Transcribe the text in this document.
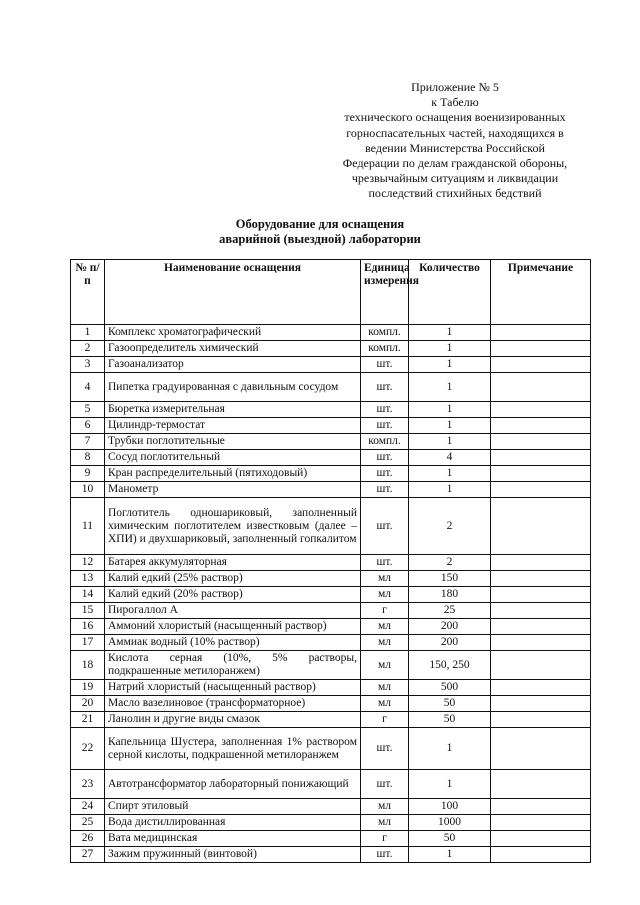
Приложение № 5
к Табелю
технического оснащения военизированных
горноспасательных частей, находящихся в
ведении Министерства Российской
Федерации по делам гражданской обороны,
чрезвычайным ситуациям и ликвидации
последствий стихийных бедствий
Оборудование для оснащения
аварийной (выездной) лаборатории
№ п/п	Наименование оснащения	Единица измерения	Количество	Примечание
1	Комплекс хроматографический	компл.	1	
2	Газоопределитель химический	компл.	1	
3	Газоанализатор	шт.	1	
4	Пипетка градуированная с давильным сосудом	шт.	1	
5	Бюретка измерительная	шт.	1	
6	Цилиндр-термостат	шт.	1	
7	Трубки поглотительные	компл.	1	
8	Сосуд поглотительный	шт.	4	
9	Кран распределительный (пятиходовый)	шт.	1	
10	Манометр	шт.	1	
11	Поглотитель одношариковый, заполненный химическим поглотителем известковым (далее – ХПИ) и двухшариковый, заполненный гопкалитом	шт.	2	
12	Батарея аккумуляторная	шт.	2	
13	Калий едкий (25% раствор)	мл	150	
14	Калий едкий (20% раствор)	мл	180	
15	Пирогаллол А	г	25	
16	Аммоний хлористый (насыщенный раствор)	мл	200	
17	Аммиак водный (10% раствор)	мл	200	
18	Кислота серная (10%, 5% растворы, подкрашенные метилоранжем)	мл	150, 250	
19	Натрий хлористый (насыщенный раствор)	мл	500	
20	Масло вазелиновое (трансформаторное)	мл	50	
21	Ланолин и другие виды смазок	г	50	
22	Капельница Шустера, заполненная 1% раствором серной кислоты, подкрашенной метилоранжем	шт.	1	
23	Автотрансформатор лабораторный понижающий	шт.	1	
24	Спирт этиловый	мл	100	
25	Вода дистиллированная	мл	1000	
26	Вата медицинская	г	50	
27	Зажим пружинный (винтовой)	шт.	1	
